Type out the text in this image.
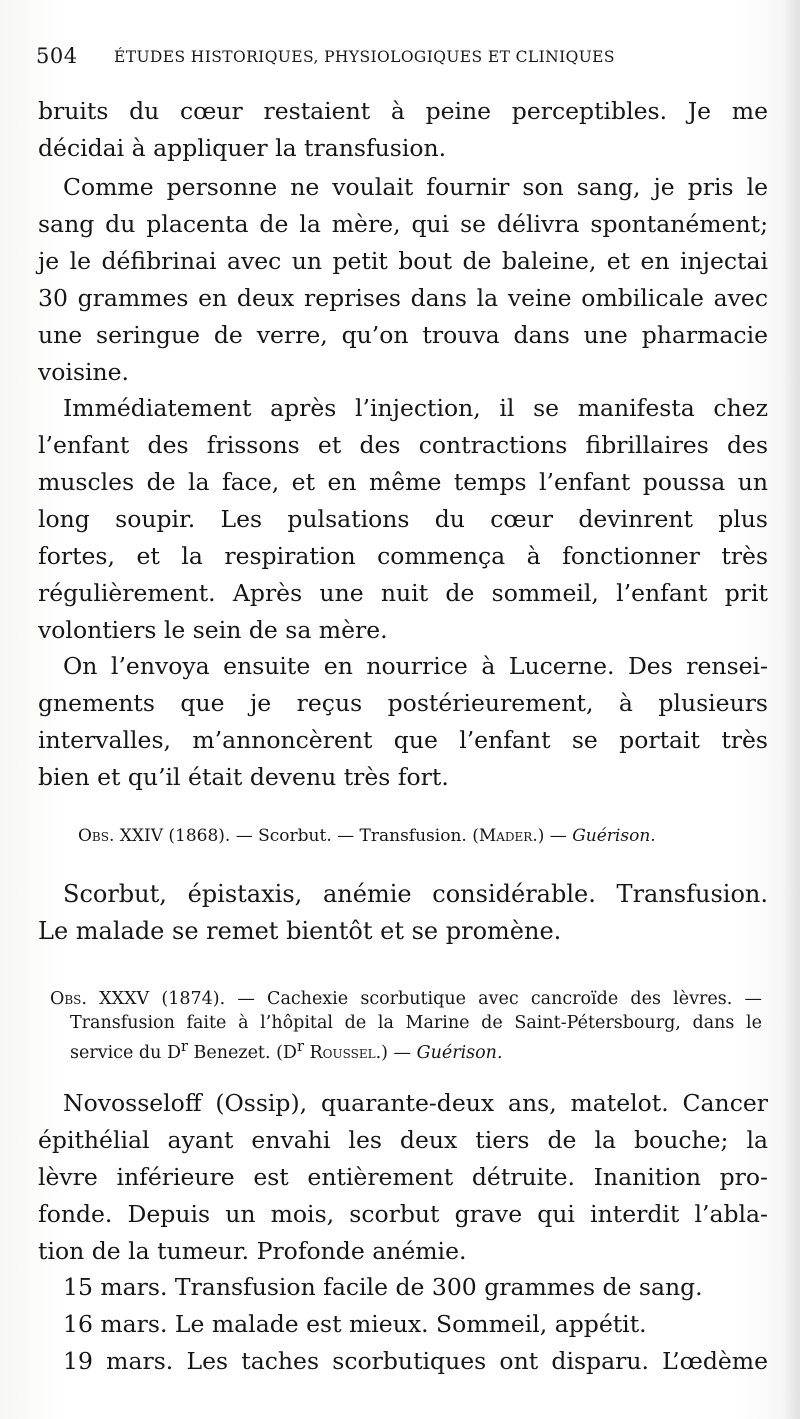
504 ÉTUDES HISTORIQUES, PHYSIOLOGIQUES ET CLINIQUES
bruits du cœur restaient à peine perceptibles. Je me
décidai à appliquer la transfusion.
Comme personne ne voulait fournir son sang, je pris le
sang du placenta de la mère, qui se délivra spontanément;
je le défibrinai avec un petit bout de baleine, et en injectai
30 grammes en deux reprises dans la veine ombilicale avec
une seringue de verre, qu’on trouva dans une pharmacie
voisine.
Immédiatement après l’injection, il se manifesta chez
l’enfant des frissons et des contractions fibrillaires des
muscles de la face, et en même temps l’enfant poussa un
long soupir. Les pulsations du cœur devinrent plus
fortes, et la respiration commença à fonctionner très
régulièrement. Après une nuit de sommeil, l’enfant prit
volontiers le sein de sa mère.
On l’envoya ensuite en nourrice à Lucerne. Des rensei-
gnements que je reçus postérieurement, à plusieurs
intervalles, m’annoncèrent que l’enfant se portait très
bien et qu’il était devenu très fort.
Obs. XXIV (1868). — Scorbut. — Transfusion. (Mader.) — Guérison.
Scorbut, épistaxis, anémie considérable. Transfusion.
Le malade se remet bientôt et se promène.
Obs. XXXV (1874). — Cachexie scorbutique avec cancroïde des lèvres. —
Transfusion faite à l’hôpital de la Marine de Saint-Pétersbourg, dans le
service du $D^r$ Benezet. ($D^r$ Roussel.) — Guérison.
Novosseloff (Ossip), quarante-deux ans, matelot. Cancer
épithélial ayant envahi les deux tiers de la bouche; la
lèvre inférieure est entièrement détruite. Inanition pro-
fonde. Depuis un mois, scorbut grave qui interdit l’abla-
tion de la tumeur. Profonde anémie.
15 mars. Transfusion facile de 300 grammes de sang.
16 mars. Le malade est mieux. Sommeil, appétit.
19 mars. Les taches scorbutiques ont disparu. L’œdème
